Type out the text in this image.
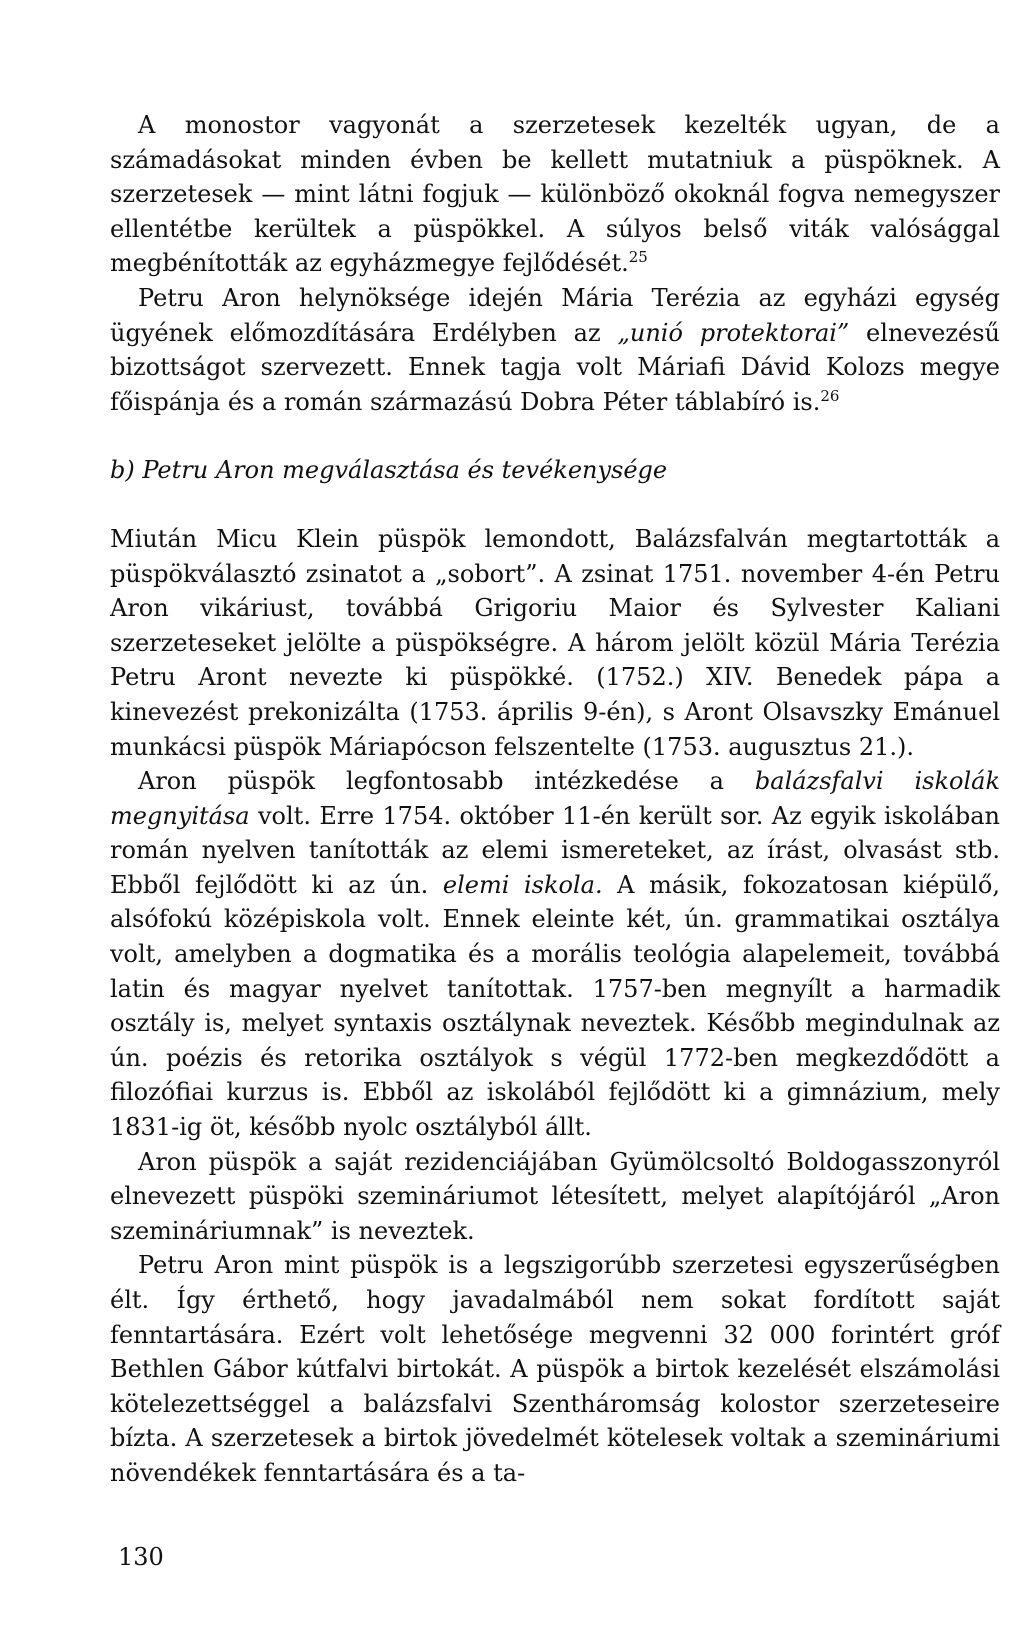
A monostor vagyonát a szerzetesek kezelték ugyan, de a számadásokat minden évben be kellett mutatniuk a püspöknek. A szerzetesek — mint látni fogjuk — különböző okoknál fogva nemegyszer ellentétbe kerültek a püspökkel. A súlyos belső viták valósággal megbénították az egyházmegye fejlődését.$^{25}$

Petru Aron helynöksége idején Mária Terézia az egyházi egység ügyének előmozdítására Erdélyben az „unió protektorai” elnevezésű bizottságot szervezett. Ennek tagja volt Máriafi Dávid Kolozs megye főispánja és a román származású Dobra Péter táblabíró is.$^{26}$

b) Petru Aron megválasztása és tevékenysége

Miután Micu Klein püspök lemondott, Balázsfalván megtartották a püspökválasztó zsinatot a „sobort”. A zsinat 1751. november 4-én Petru Aron vikáriust, továbbá Grigoriu Maior és Sylvester Kaliani szerzeteseket jelölte a püspökségre. A három jelölt közül Mária Terézia Petru Aront nevezte ki püspökké. (1752.) XIV. Benedek pápa a kinevezést prekonizálta (1753. április 9-én), s Aront Olsavszky Emánuel munkácsi püspök Máriapócson felszentelte (1753. augusztus 21.).

Aron püspök legfontosabb intézkedése a balázsfalvi iskolák megnyitása volt. Erre 1754. október 11-én került sor. Az egyik iskolában román nyelven tanították az elemi ismereteket, az írást, olvasást stb. Ebből fejlődött ki az ún. elemi iskola. A másik, fokozatosan kiépülő, alsófokú középiskola volt. Ennek eleinte két, ún. grammatikai osztálya volt, amelyben a dogmatika és a morális teológia alapelemeit, továbbá latin és magyar nyelvet tanítottak. 1757-ben megnyílt a harmadik osztály is, melyet syntaxis osztálynak neveztek. Később megindulnak az ún. poézis és retorika osztályok s végül 1772-ben megkezdődött a filozófiai kurzus is. Ebből az iskolából fejlődött ki a gimnázium, mely 1831-ig öt, később nyolc osztályból állt.

Aron püspök a saját rezidenciájában Gyümölcsoltó Boldogasszonyról elnevezett püspöki szemináriumot létesített, melyet alapítójáról „Aron szemináriumnak” is neveztek.

Petru Aron mint püspök is a legszigorúbb szerzetesi egyszerűségben élt. Így érthető, hogy javadalmából nem sokat fordított saját fenntartására. Ezért volt lehetősége megvenni 32 000 forintért gróf Bethlen Gábor kútfalvi birtokát. A püspök a birtok kezelését elszámolási kötelezettséggel a balázsfalvi Szentháromság kolostor szerzeteseire bízta. A szerzetesek a birtok jövedelmét kötelesek voltak a szemináriumi növendékek fenntartására és a ta-

130
